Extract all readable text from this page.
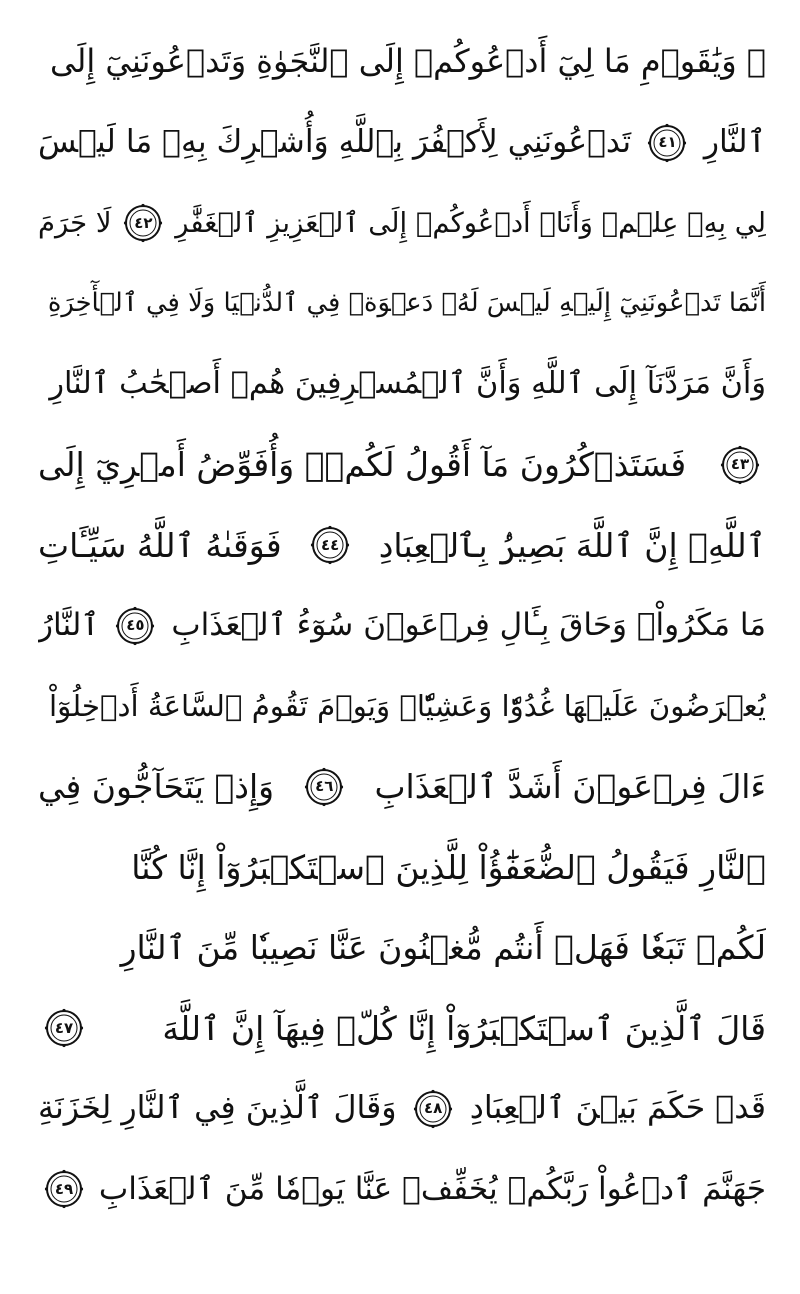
۞ وَيَٰقَوۡمِ مَا لِيٓ أَدۡعُوكُمۡ إِلَى ٱلنَّجَوٰةِ وَتَدۡعُونَنِيٓ إِلَى
ٱلنَّارِ
٤١
تَدۡعُونَنِي لِأَكۡفُرَ بِٱللَّهِ وَأُشۡرِكَ بِهِۦ مَا لَيۡسَ
لِي بِهِۦ عِلۡمٞ وَأَنَا۠ أَدۡعُوكُمۡ إِلَى ٱلۡعَزِيزِ ٱلۡغَفَّٰرِ
٤٢
لَا جَرَمَ
أَنَّمَا تَدۡعُونَنِيٓ إِلَيۡهِ لَيۡسَ لَهُۥ دَعۡوَةٞ فِي ٱلدُّنۡيَا وَلَا فِي ٱلۡأٓخِرَةِ
وَأَنَّ مَرَدَّنَآ إِلَى ٱللَّهِ وَأَنَّ ٱلۡمُسۡرِفِينَ هُمۡ أَصۡحَٰبُ ٱلنَّارِ
٤٣
فَسَتَذۡكُرُونَ مَآ أَقُولُ لَكُمۡۚ وَأُفَوِّضُ أَمۡرِيٓ إِلَى
ٱللَّهِۚ إِنَّ ٱللَّهَ بَصِيرُۢ بِٱلۡعِبَادِ
٤٤
فَوَقَىٰهُ ٱللَّهُ سَيِّـَٔاتِ
مَا مَكَرُواْۖ وَحَاقَ بِـَٔالِ فِرۡعَوۡنَ سُوٓءُ ٱلۡعَذَابِ
٤٥
ٱلنَّارُ
يُعۡرَضُونَ عَلَيۡهَا غُدُوّٗا وَعَشِيّٗاۚ وَيَوۡمَ تَقُومُ ٱلسَّاعَةُ أَدۡخِلُوٓاْ
ءَالَ فِرۡعَوۡنَ أَشَدَّ ٱلۡعَذَابِ
٤٦
وَإِذۡ يَتَحَآجُّونَ فِي
ٱلنَّارِ فَيَقُولُ ٱلضُّعَفَٰٓؤُاْ لِلَّذِينَ ٱسۡتَكۡبَرُوٓاْ إِنَّا كُنَّا
لَكُمۡ تَبَعٗا فَهَلۡ أَنتُم مُّغۡنُونَ عَنَّا نَصِيبٗا مِّنَ ٱلنَّارِ
قَالَ ٱلَّذِينَ ٱسۡتَكۡبَرُوٓاْ إِنَّا كُلّٞ فِيهَآ إِنَّ ٱللَّهَ
٤٧
قَدۡ حَكَمَ بَيۡنَ ٱلۡعِبَادِ
٤٨
وَقَالَ ٱلَّذِينَ فِي ٱلنَّارِ لِخَزَنَةِ
جَهَنَّمَ ٱدۡعُواْ رَبَّكُمۡ يُخَفِّفۡ عَنَّا يَوۡمٗا مِّنَ ٱلۡعَذَابِ
٤٩
